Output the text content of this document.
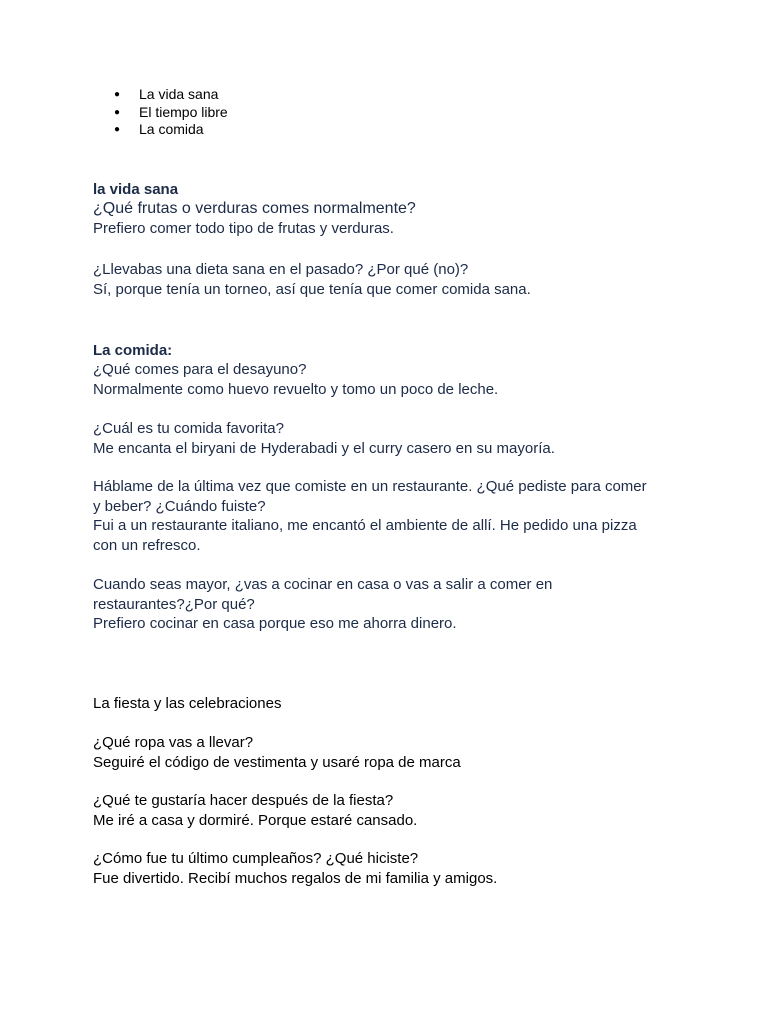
● La vida sana
● El tiempo libre
● La comida
la vida sana
¿Qué frutas o verduras comes normalmente?
Prefiero comer todo tipo de frutas y verduras.
¿Llevabas una dieta sana en el pasado? ¿Por qué (no)?
Sí, porque tenía un torneo, así que tenía que comer comida sana.
La comida:
¿Qué comes para el desayuno?
Normalmente como huevo revuelto y tomo un poco de leche.
¿Cuál es tu comida favorita?
Me encanta el biryani de Hyderabadi y el curry casero en su mayoría.
Háblame de la última vez que comiste en un restaurante. ¿Qué pediste para comer
y beber? ¿Cuándo fuiste?
Fui a un restaurante italiano, me encantó el ambiente de allí. He pedido una pizza
con un refresco.
Cuando seas mayor, ¿vas a cocinar en casa o vas a salir a comer en
restaurantes?¿Por qué?
Prefiero cocinar en casa porque eso me ahorra dinero.
La fiesta y las celebraciones
¿Qué ropa vas a llevar?
Seguiré el código de vestimenta y usaré ropa de marca
¿Qué te gustaría hacer después de la fiesta?
Me iré a casa y dormiré. Porque estaré cansado.
¿Cómo fue tu último cumpleaños? ¿Qué hiciste?
Fue divertido. Recibí muchos regalos de mi familia y amigos.
